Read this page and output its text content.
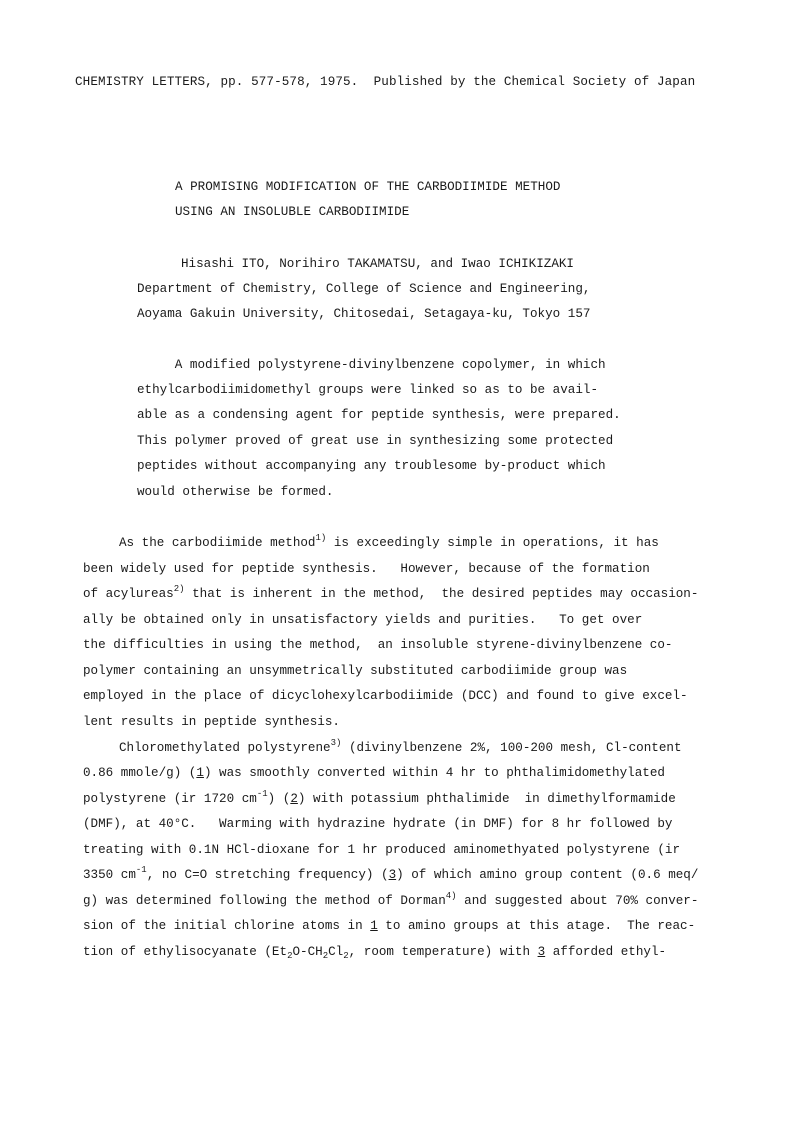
CHEMISTRY LETTERS, pp. 577-578, 1975.  Published by the Chemical Society of Japan
A PROMISING MODIFICATION OF THE CARBODIIMIDE METHOD
USING AN INSOLUBLE CARBODIIMIDE
Hisashi ITO, Norihiro TAKAMATSU, and Iwao ICHIKIZAKI
Department of Chemistry, College of Science and Engineering,
Aoyama Gakuin University, Chitosedai, Setagaya-ku, Tokyo 157
A modified polystyrene-divinylbenzene copolymer, in which
ethylcarbodiimidomethyl groups were linked so as to be avail-
able as a condensing agent for peptide synthesis, were prepared.
This polymer proved of great use in synthesizing some protected
peptides without accompanying any troublesome by-product which
would otherwise be formed.
As the carbodiimide method$^{1)}$ is exceedingly simple in operations, it has
been widely used for peptide synthesis.   However, because of the formation
of acylureas$^{2)}$ that is inherent in the method,  the desired peptides may occasion-
ally be obtained only in unsatisfactory yields and purities.   To get over
the difficulties in using the method,  an insoluble styrene-divinylbenzene co-
polymer containing an unsymmetrically substituted carbodiimide group was
employed in the place of dicyclohexylcarbodiimide (DCC) and found to give excel-
lent results in peptide synthesis.
Chloromethylated polystyrene$^{3)}$ (divinylbenzene 2%, 100-200 mesh, Cl-content
0.86 mmole/g) (1) was smoothly converted within 4 hr to phthalimidomethylated
polystyrene (ir 1720 $cm^{-1}$) (2) with potassium phthalimide  in dimethylformamide
(DMF), at 40°C.   Warming with hydrazine hydrate (in DMF) for 8 hr followed by
treating with 0.1N HCl-dioxane for 1 hr produced aminomethyated polystyrene (ir
3350 $cm^{-1}$, no C=O stretching frequency) (3) of which amino group content (0.6 meq/
g) was determined following the method of Dorman$^{4)}$ and suggested about 70% conver-
sion of the initial chlorine atoms in 1 to amino groups at this atage.  The reac-
tion of ethylisocyanate ($Et_2O-CH_2Cl_2$, room temperature) with 3 afforded ethyl-
